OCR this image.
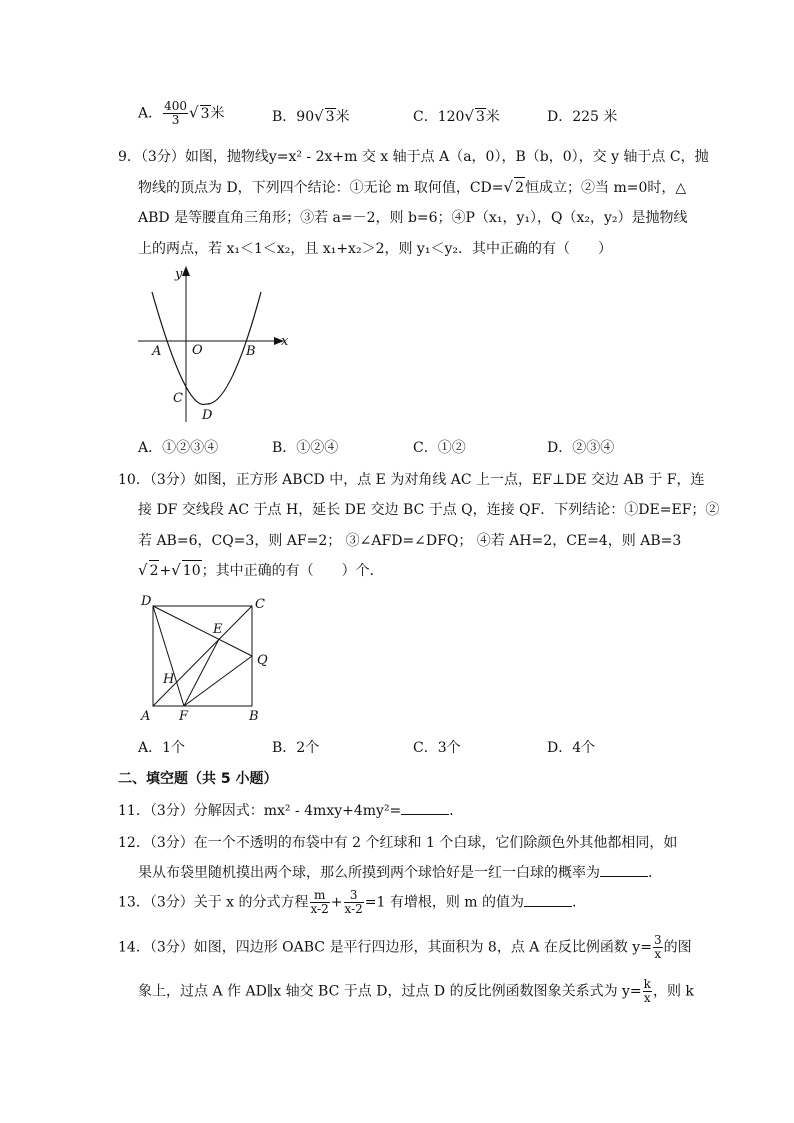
A． $\frac{400}{3}$ √ 3米	B．90√ 3米	C．120√ 3米	D．225 米
9．（3分）如图，抛物线y=x² - 2x+m 交 x 轴于点 A（a，0），B（b，0），交 y 轴于点 C，抛
物线的顶点为 D，下列四个结论：①无论 m 取何值，CD=√ 2恒成立；②当 m=0时，△
ABD 是等腰直角三角形；③若 a=－2，则 b=6；④P（x₁，y₁），Q（x₂，y₂）是抛物线
上的两点，若 x₁＜1＜x₂，且 x₁+x₂＞2，则 y₁＜y₂．其中正确的有（　　）
y
x
A O	B
C
D
A．①②③④	B．①②④	C．①②	D．②③④
10．（3分）如图，正方形 ABCD 中，点 E 为对角线 AC 上一点，EF⊥DE 交边 AB 于 F，连
接 DF 交线段 AC 于点 H，延长 DE 交边 BC 于点 Q，连接 QF．下列结论：①DE=EF；②
若 AB=6，CQ=3，则 AF=2； ③∠AFD=∠DFQ； ④若 AH=2，CE=4，则 AB=3
√ 2+√ 10；其中正确的有（　　）个．
D	C
E
Q
H
A F	B
A．1个	B．2个	C．3个	D．4个
二、填空题（共 5 小题）
11．（3分）分解因式：mx² - 4mxy+4my²=	．
12．（3分）在一个不透明的布袋中有 2 个红球和 1 个白球，它们除颜色外其他都相同，如
果从布袋里随机摸出两个球，那么所摸到两个球恰好是一红一白球的概率为	．
13．（3分）关于 x 的分式方程 $\frac{m}{x-2} + \frac{3}{x-2} =1$ 有增根，则 m 的值为	．
14．（3分）如图，四边形 OABC 是平行四边形，其面积为 8，点 A 在反比例函数 $y= \frac{3}{x}$ 的图
象上，过点 A 作 AD∥x 轴交 BC 于点 D，过点 D 的反比例函数图象关系式为 $y= \frac{k}{x}$ ，则 k
